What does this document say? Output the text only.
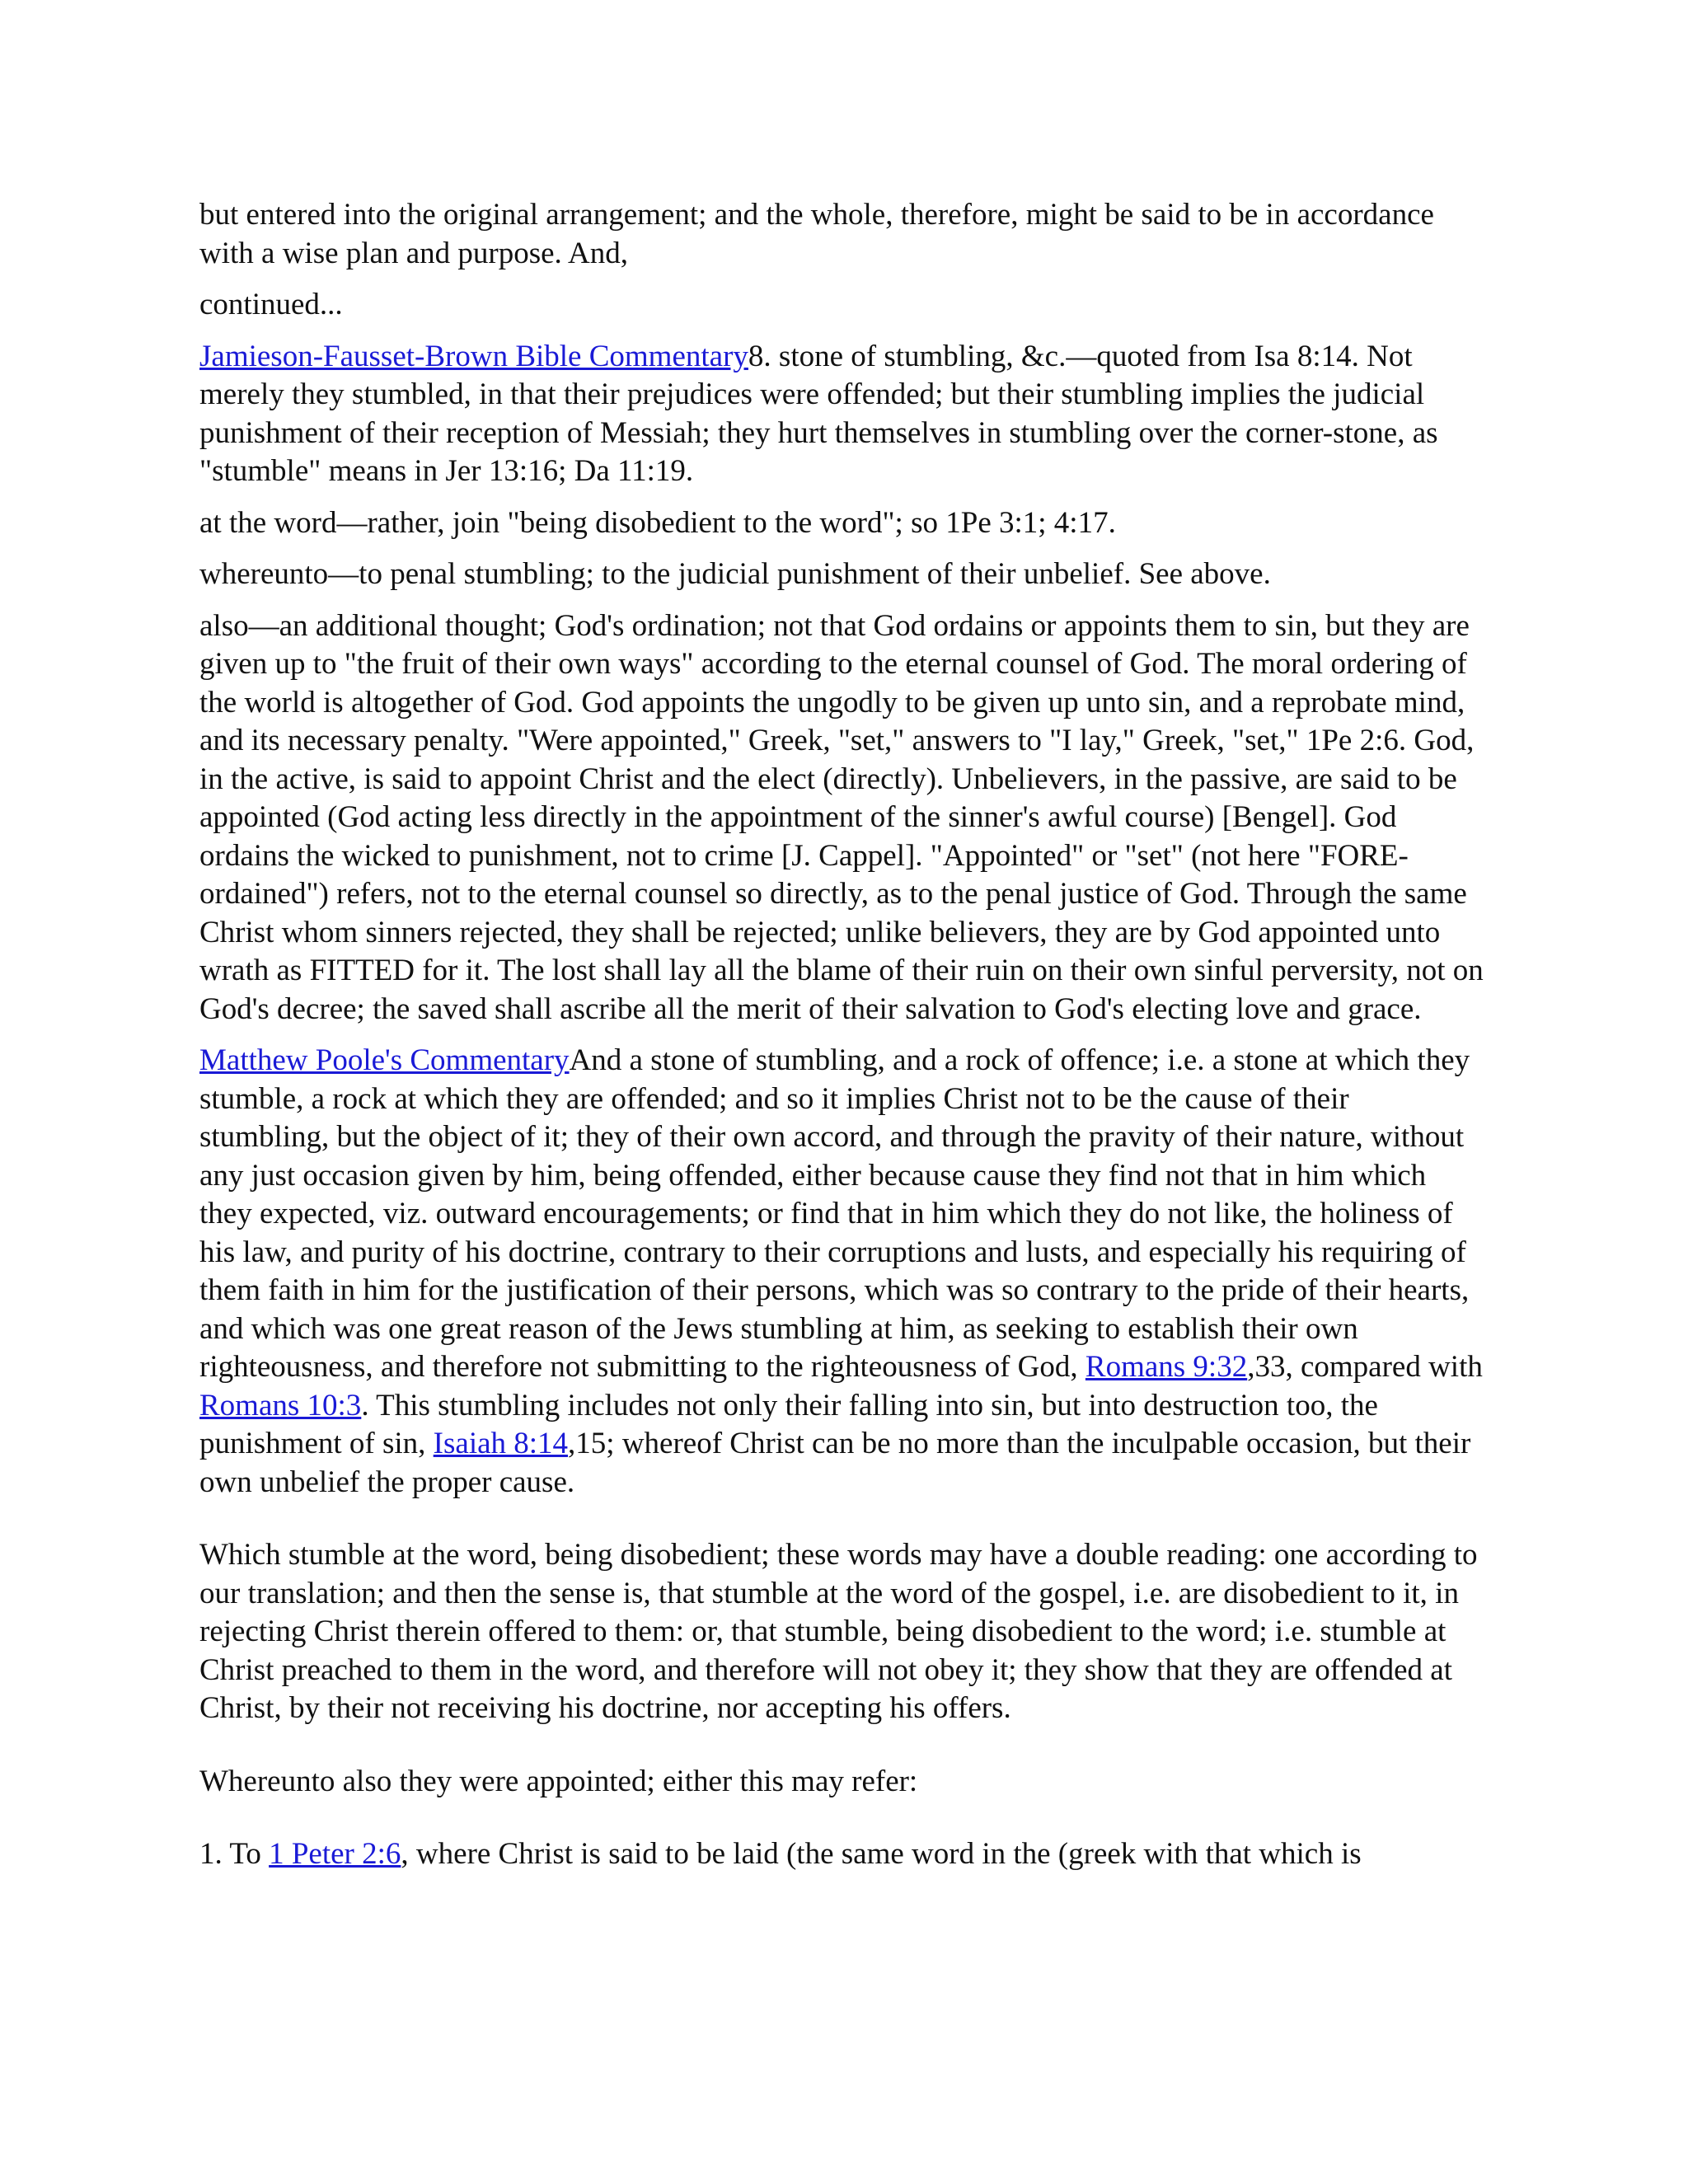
but entered into the original arrangement; and the whole, therefore, might be said to be in accordance with a wise plan and purpose. And,

continued...

Jamieson-Fausset-Brown Bible Commentary8. stone of stumbling, &c.—quoted from Isa 8:14. Not merely they stumbled, in that their prejudices were offended; but their stumbling implies the judicial punishment of their reception of Messiah; they hurt themselves in stumbling over the corner-stone, as "stumble" means in Jer 13:16; Da 11:19.

at the word—rather, join "being disobedient to the word"; so 1Pe 3:1; 4:17.

whereunto—to penal stumbling; to the judicial punishment of their unbelief. See above.

also—an additional thought; God's ordination; not that God ordains or appoints them to sin, but they are given up to "the fruit of their own ways" according to the eternal counsel of God. The moral ordering of the world is altogether of God. God appoints the ungodly to be given up unto sin, and a reprobate mind, and its necessary penalty. "Were appointed," Greek, "set," answers to "I lay," Greek, "set," 1Pe 2:6. God, in the active, is said to appoint Christ and the elect (directly). Unbelievers, in the passive, are said to be appointed (God acting less directly in the appointment of the sinner's awful course) [Bengel]. God ordains the wicked to punishment, not to crime [J. Cappel]. "Appointed" or "set" (not here "FORE-ordained") refers, not to the eternal counsel so directly, as to the penal justice of God. Through the same Christ whom sinners rejected, they shall be rejected; unlike believers, they are by God appointed unto wrath as FITTED for it. The lost shall lay all the blame of their ruin on their own sinful perversity, not on God's decree; the saved shall ascribe all the merit of their salvation to God's electing love and grace.

Matthew Poole's CommentaryAnd a stone of stumbling, and a rock of offence; i.e. a stone at which they stumble, a rock at which they are offended; and so it implies Christ not to be the cause of their stumbling, but the object of it; they of their own accord, and through the pravity of their nature, without any just occasion given by him, being offended, either because cause they find not that in him which they expected, viz. outward encouragements; or find that in him which they do not like, the holiness of his law, and purity of his doctrine, contrary to their corruptions and lusts, and especially his requiring of them faith in him for the justification of their persons, which was so contrary to the pride of their hearts, and which was one great reason of the Jews stumbling at him, as seeking to establish their own righteousness, and therefore not submitting to the righteousness of God, Romans 9:32,33, compared with Romans 10:3. This stumbling includes not only their falling into sin, but into destruction too, the punishment of sin, Isaiah 8:14,15; whereof Christ can be no more than the inculpable occasion, but their own unbelief the proper cause.

Which stumble at the word, being disobedient; these words may have a double reading: one according to our translation; and then the sense is, that stumble at the word of the gospel, i.e. are disobedient to it, in rejecting Christ therein offered to them: or, that stumble, being disobedient to the word; i.e. stumble at Christ preached to them in the word, and therefore will not obey it; they show that they are offended at Christ, by their not receiving his doctrine, nor accepting his offers.

Whereunto also they were appointed; either this may refer:

1. To 1 Peter 2:6, where Christ is said to be laid (the same word in the (greek with that which is
